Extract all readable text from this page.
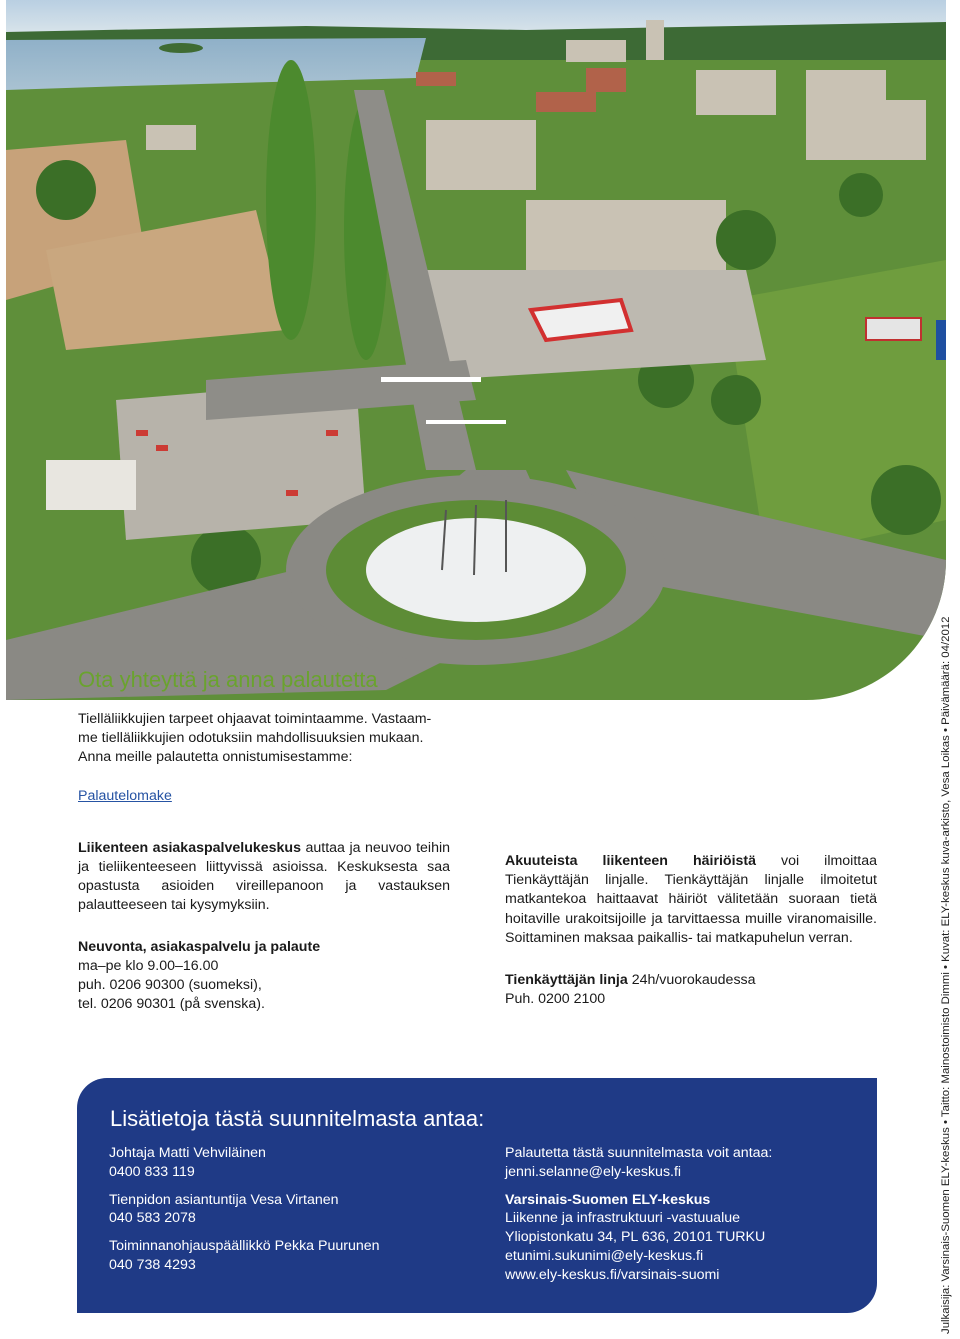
Julkaisija: Varsinais-Suomen ELY-keskus • Taitto: Mainostoimisto Dimmi • Kuvat: ELY-keskus kuva-arkisto, Vesa Loikas • Päivämäärä: 04/2012
Ota yhteyttä ja anna palautetta

Tielläliikkujien tarpeet ohjaavat toimintaamme. Vastaam-

me tielläliikkujien odotuksiin mahdollisuuksien mukaan.

Anna meille palautetta onnistumisestamme:

Palautelomake

Liikenteen asiakaspalvelukeskus auttaa ja neuvoo teihin ja tieliikenteeseen liittyvissä asioissa. Keskuksesta saa opastusta asioiden vireillepanoon ja vastauksen palautteeseen tai kysymyksiin.

Neuvonta, asiakaspalvelu ja palaute

ma–pe klo 9.00–16.00

puh. 0206 90300 (suomeksi),

tel. 0206 90301 (på svenska).

Akuuteista liikenteen häiriöistä voi ilmoittaa Tienkäyttäjän linjalle. Tienkäyttäjän linjalle ilmoitetut matkantekoa haittaavat häiriöt välitetään suoraan tietä hoitaville urakoitsijoille ja tarvittaessa muille viranomaisille. Soittaminen maksaa paikallis- tai matkapuhelun verran.

Tienkäyttäjän linja 24h/vuorokaudessa

Puh. 0200 2100

Lisätietoja tästä suunnitelmasta antaa:

Johtaja Matti Vehviläinen

0400 833 119

Tienpidon asiantuntija Vesa Virtanen

040 583 2078

Toiminnanohjauspäällikkö Pekka Puurunen

040 738 4293

Palautetta tästä suunnitelmasta voit antaa:

jenni.selanne@ely-keskus.fi

Varsinais-Suomen ELY-keskus

Liikenne ja infrastruktuuri -vastuualue

Yliopistonkatu 34, PL 636, 20101 TURKU

etunimi.sukunimi@ely-keskus.fi

www.ely-keskus.fi/varsinais-suomi
